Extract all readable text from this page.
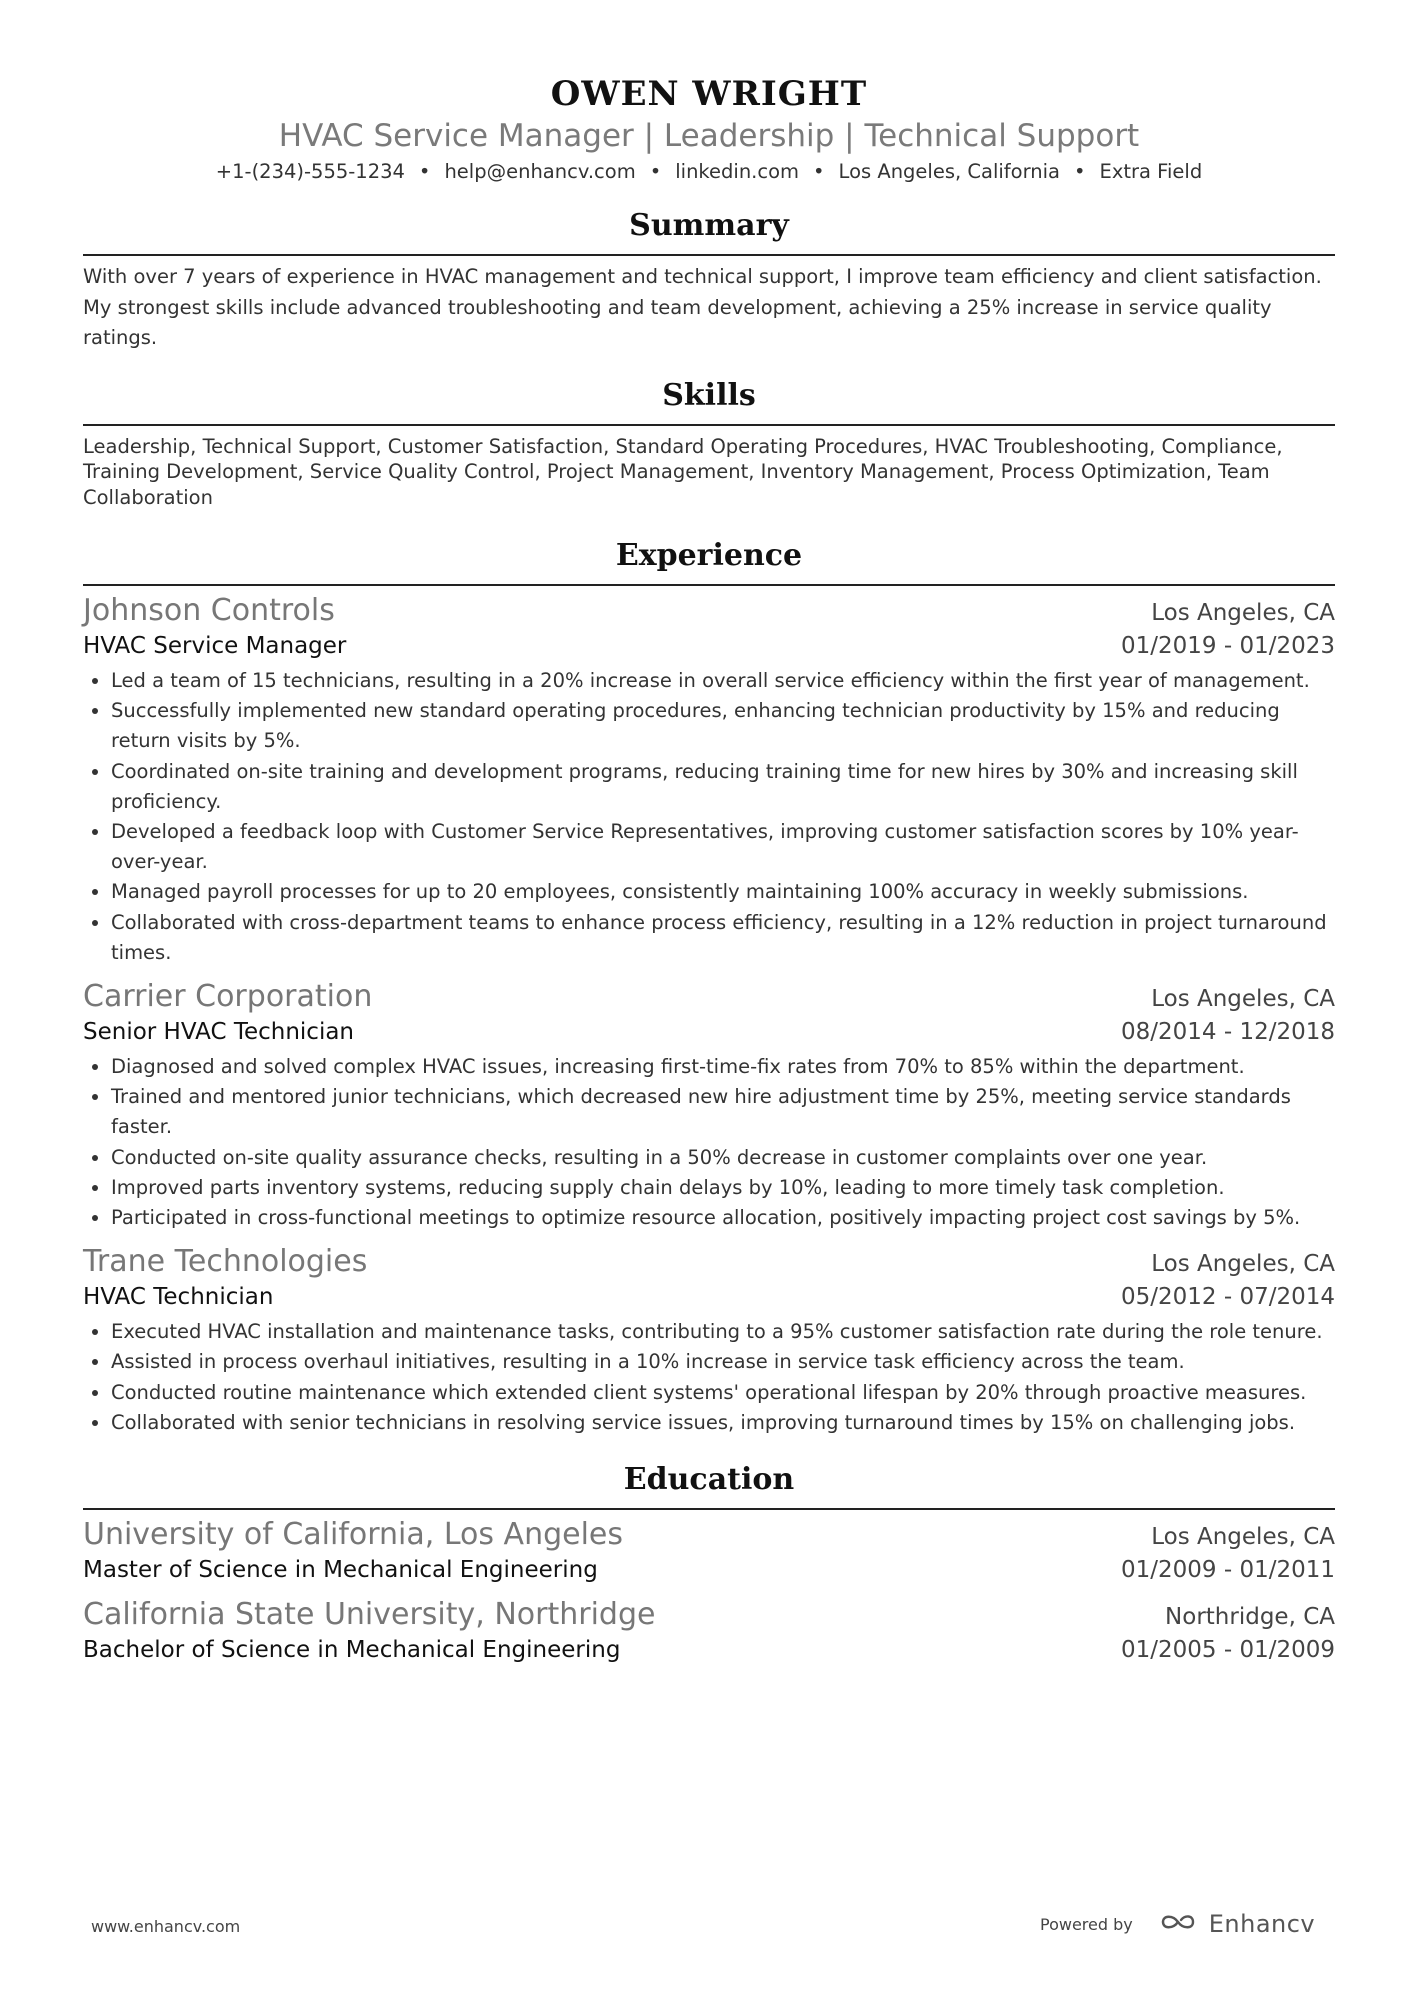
OWEN WRIGHT
HVAC Service Manager | Leadership | Technical Support
+1-(234)-555-1234 • help@enhancv.com • linkedin.com • Los Angeles, California • Extra Field
Summary
With over 7 years of experience in HVAC management and technical support, I improve team efficiency and client satisfaction. My strongest skills include advanced troubleshooting and team development, achieving a 25% increase in service quality ratings.
Skills
Leadership, Technical Support, Customer Satisfaction, Standard Operating Procedures, HVAC Troubleshooting, Compliance, Training Development, Service Quality Control, Project Management, Inventory Management, Process Optimization, Team Collaboration
Experience
Johnson Controls	Los Angeles, CA
HVAC Service Manager	01/2019 - 01/2023
• Led a team of 15 technicians, resulting in a 20% increase in overall service efficiency within the first year of management.
• Successfully implemented new standard operating procedures, enhancing technician productivity by 15% and reducing return visits by 5%.
• Coordinated on-site training and development programs, reducing training time for new hires by 30% and increasing skill proficiency.
• Developed a feedback loop with Customer Service Representatives, improving customer satisfaction scores by 10% year-over-year.
• Managed payroll processes for up to 20 employees, consistently maintaining 100% accuracy in weekly submissions.
• Collaborated with cross-department teams to enhance process efficiency, resulting in a 12% reduction in project turnaround times.
Carrier Corporation	Los Angeles, CA
Senior HVAC Technician	08/2014 - 12/2018
• Diagnosed and solved complex HVAC issues, increasing first-time-fix rates from 70% to 85% within the department.
• Trained and mentored junior technicians, which decreased new hire adjustment time by 25%, meeting service standards faster.
• Conducted on-site quality assurance checks, resulting in a 50% decrease in customer complaints over one year.
• Improved parts inventory systems, reducing supply chain delays by 10%, leading to more timely task completion.
• Participated in cross-functional meetings to optimize resource allocation, positively impacting project cost savings by 5%.
Trane Technologies	Los Angeles, CA
HVAC Technician	05/2012 - 07/2014
• Executed HVAC installation and maintenance tasks, contributing to a 95% customer satisfaction rate during the role tenure.
• Assisted in process overhaul initiatives, resulting in a 10% increase in service task efficiency across the team.
• Conducted routine maintenance which extended client systems' operational lifespan by 20% through proactive measures.
• Collaborated with senior technicians in resolving service issues, improving turnaround times by 15% on challenging jobs.
Education
University of California, Los Angeles	Los Angeles, CA
Master of Science in Mechanical Engineering	01/2009 - 01/2011
California State University, Northridge	Northridge, CA
Bachelor of Science in Mechanical Engineering	01/2005 - 01/2009
www.enhancv.com	Powered by	Enhancv
